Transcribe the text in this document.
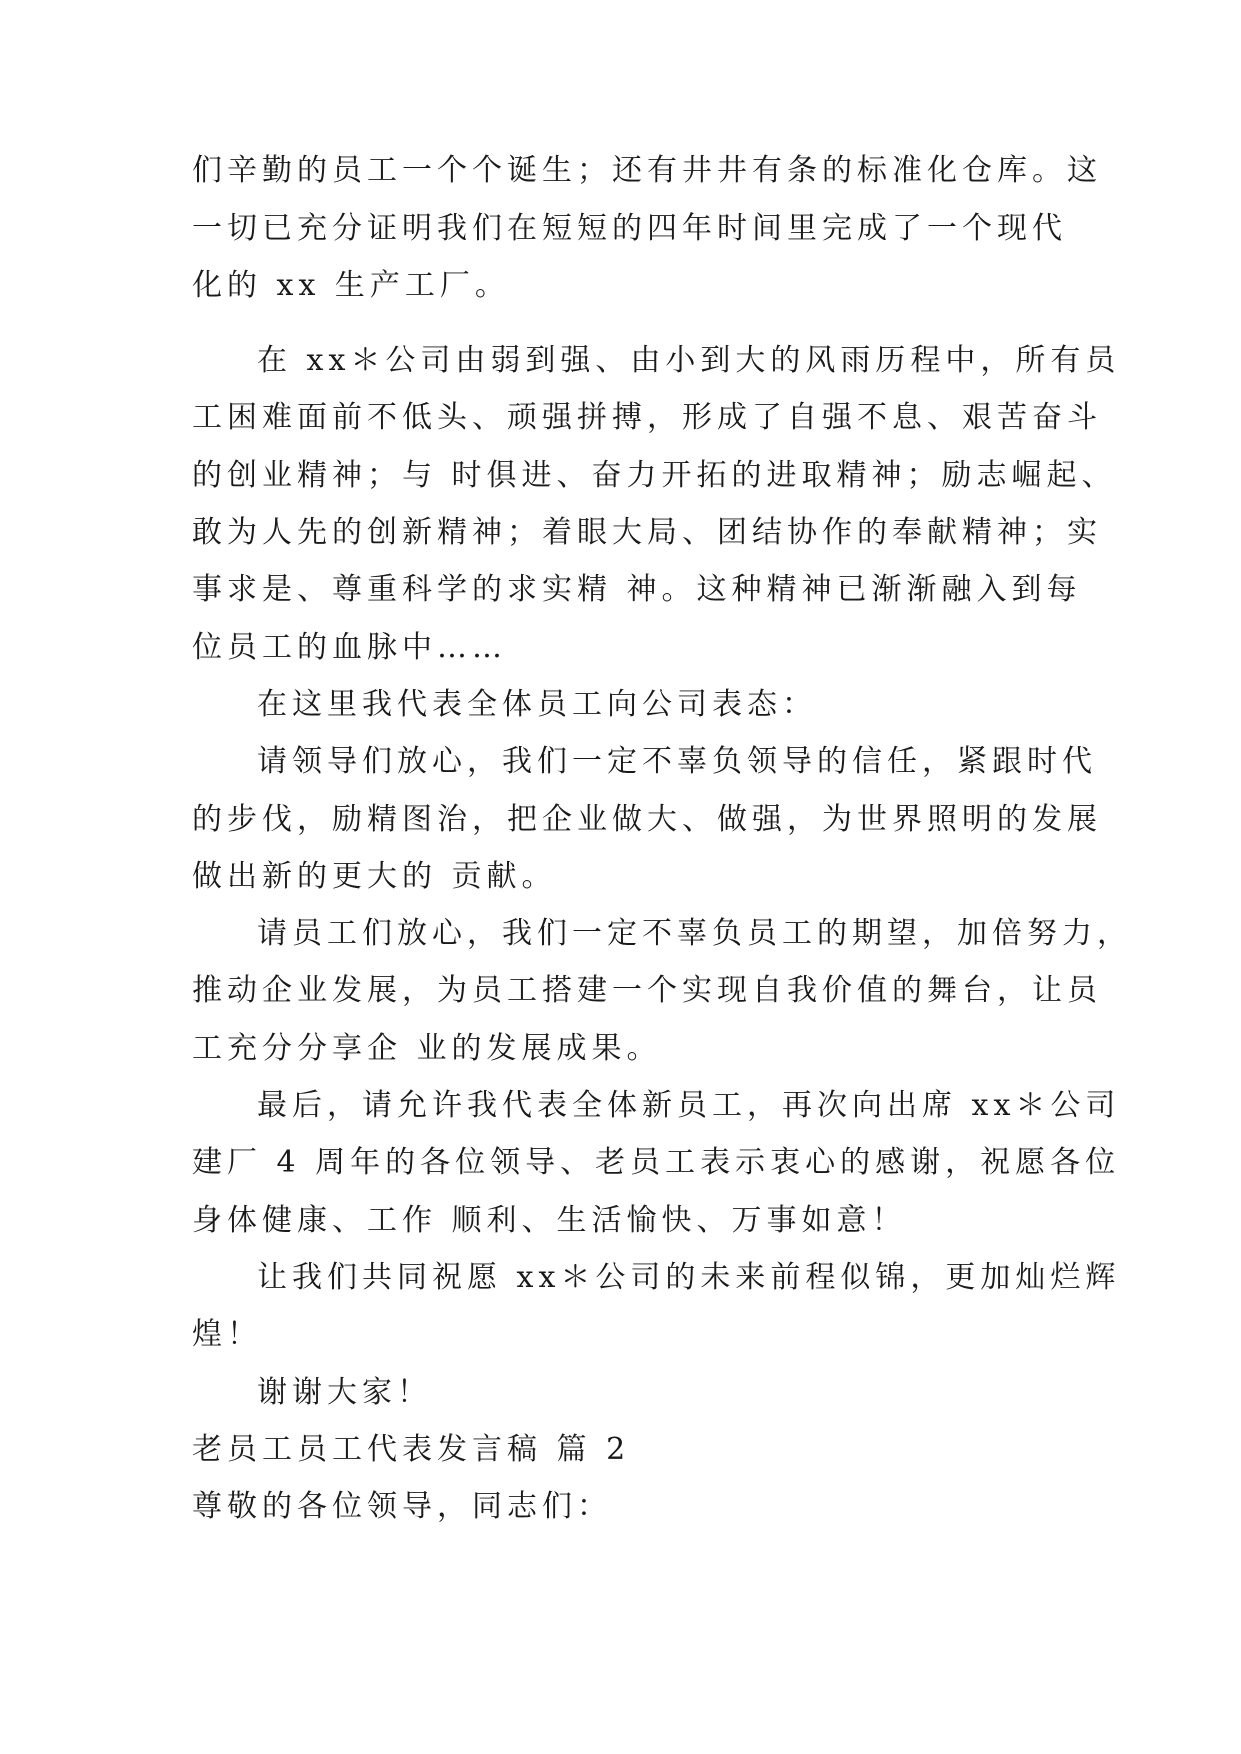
们辛勤的员工一个个诞生；还有井井有条的标准化仓库。这
一切已充分证明我们在短短的四年时间里完成了一个现代
化的 xx 生产工厂。
在 xx＊公司由弱到强、由小到大的风雨历程中，所有员
工困难面前不低头、顽强拼搏，形成了自强不息、艰苦奋斗
的创业精神；与 时俱进、奋力开拓的进取精神；励志崛起、
敢为人先的创新精神；着眼大局、团结协作的奉献精神；实
事求是、尊重科学的求实精 神。这种精神已渐渐融入到每
位员工的血脉中……
在这里我代表全体员工向公司表态：
请领导们放心，我们一定不辜负领导的信任，紧跟时代
的步伐，励精图治，把企业做大、做强，为世界照明的发展
做出新的更大的 贡献。
请员工们放心，我们一定不辜负员工的期望，加倍努力，
推动企业发展，为员工搭建一个实现自我价值的舞台，让员
工充分分享企 业的发展成果。
最后，请允许我代表全体新员工，再次向出席 xx＊公司
建厂 4 周年的各位领导、老员工表示衷心的感谢，祝愿各位
身体健康、工作 顺利、生活愉快、万事如意！
让我们共同祝愿 xx＊公司的未来前程似锦，更加灿烂辉
煌！
谢谢大家！
老员工员工代表发言稿 篇 2
尊敬的各位领导，同志们：
